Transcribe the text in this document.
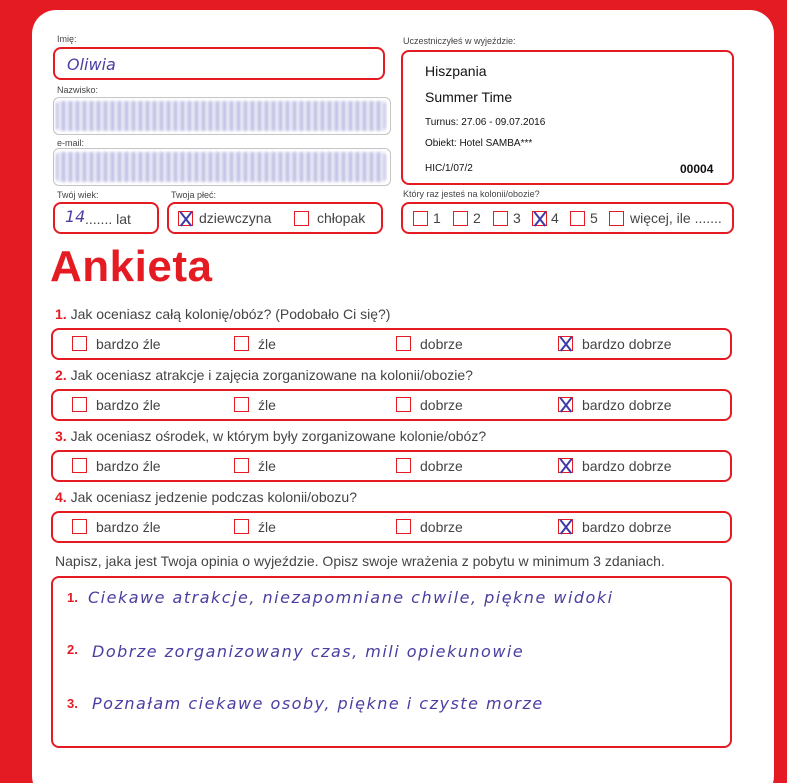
Imię:
Oliwia
Nazwisko:
e-mail:
Twój wiek:
14 ....... lat
Twoja płeć:
dziewczyna	chłopak
Uczestniczyłeś w wyjeździe:
Hiszpania
Summer Time
Turnus: 27.06 - 09.07.2016
Obiekt: Hotel SAMBA***
HIC/1/07/2	00004
Który raz jesteś na kolonii/obozie?
1 2 3 4 5 więcej, ile .......
Ankieta
1. Jak oceniasz całą kolonię/obóz? (Podobało Ci się?)
bardzo źle	źle	dobrze	bardzo dobrze
2. Jak oceniasz atrakcje i zajęcia zorganizowane na kolonii/obozie?
bardzo źle	źle	dobrze	bardzo dobrze
3. Jak oceniasz ośrodek, w którym były zorganizowane kolonie/obóz?
bardzo źle	źle	dobrze	bardzo dobrze
4. Jak oceniasz jedzenie podczas kolonii/obozu?
bardzo źle	źle	dobrze	bardzo dobrze
Napisz, jaka jest Twoja opinia o wyjeździe. Opisz swoje wrażenia z pobytu w minimum 3 zdaniach.
1. Ciekawe atrakcje, niezapomniane chwile, piękne widoki
2. Dobrze zorganizowany czas, mili opiekunowie
3. Poznałam ciekawe osoby, piękne i czyste morze
